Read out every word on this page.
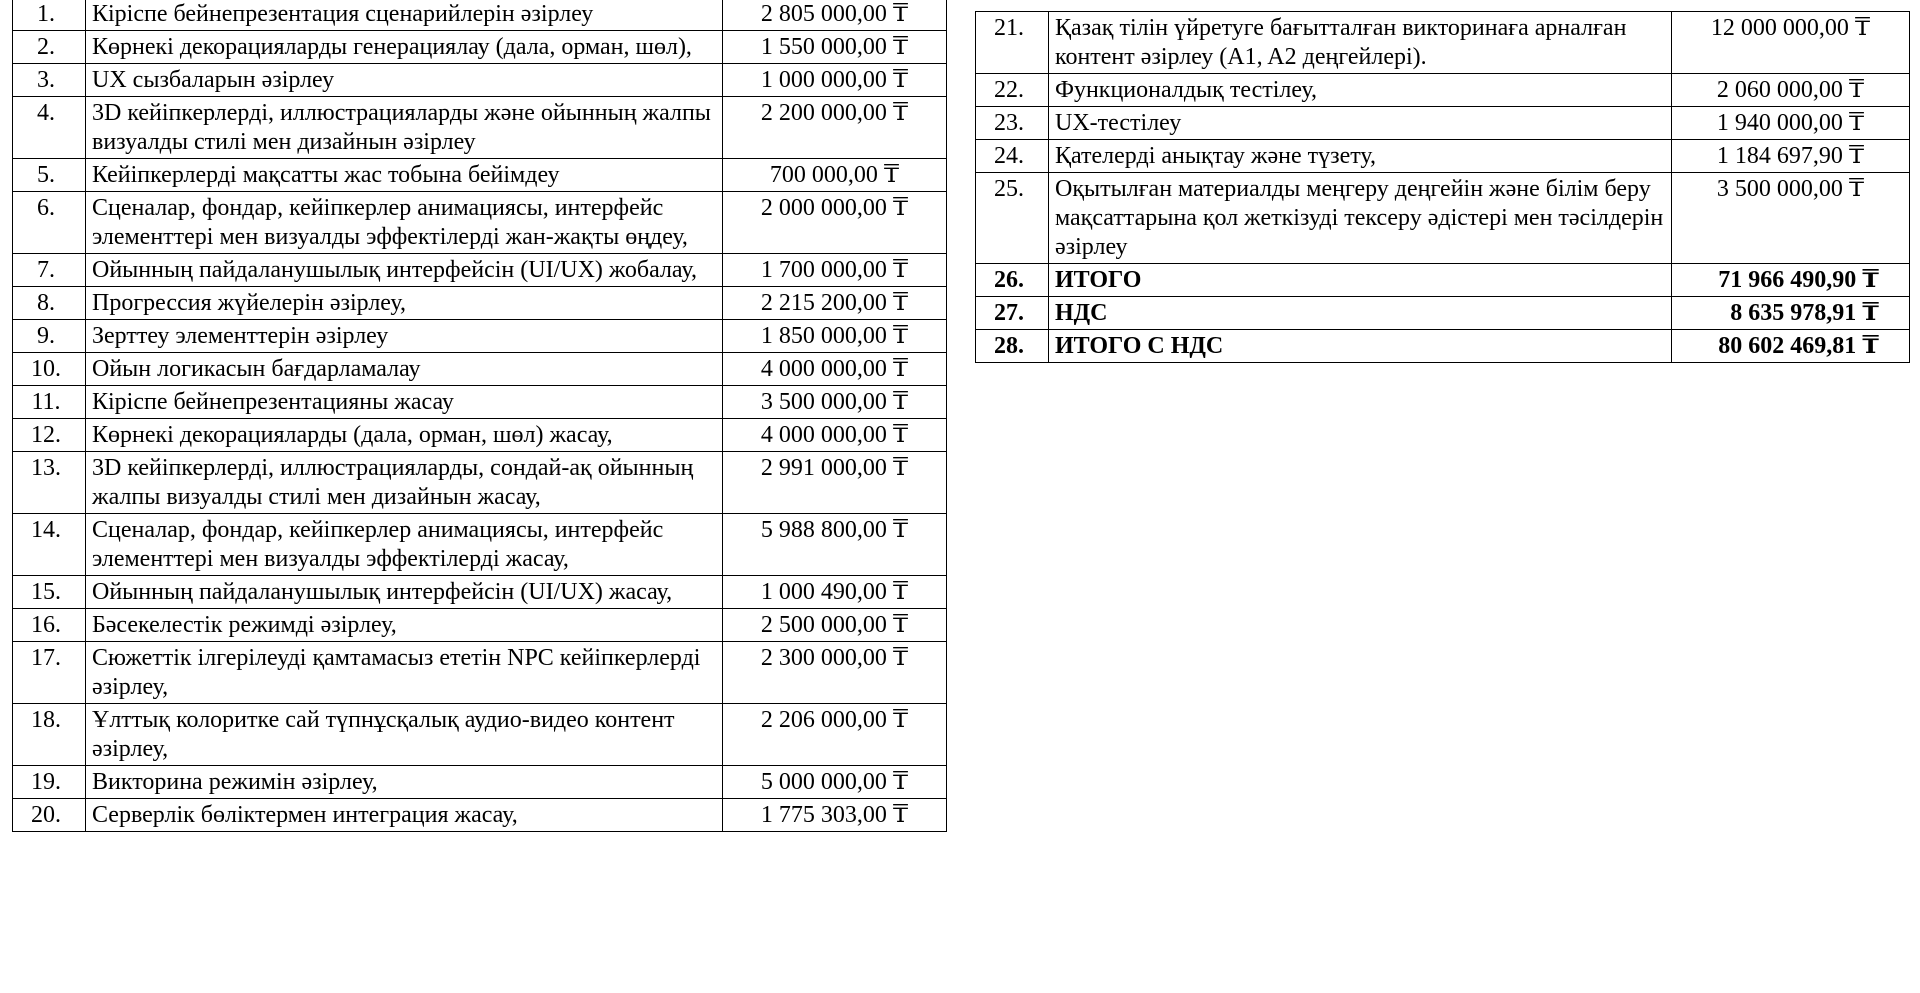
1.	Кіріспе бейнепрезентация сценарийлерін әзірлеу	2 805 000,00 ₸
2.	Көрнекі декорацияларды генерациялау (дала, орман, шөл),	1 550 000,00 ₸
3.	UX сызбаларын әзірлеу	1 000 000,00 ₸
4.	3D кейіпкерлерді, иллюстрацияларды және ойынның жалпы визуалды стилі мен дизайнын әзірлеу	2 200 000,00 ₸
5.	Кейіпкерлерді мақсатты жас тобына бейімдеу	700 000,00 ₸
6.	Сценалар, фондар, кейіпкерлер анимациясы, интерфейс элементтері мен визуалды эффектілерді жан-жақты өңдеу,	2 000 000,00 ₸
7.	Ойынның пайдаланушылық интерфейсін (UI/UX) жобалау,	1 700 000,00 ₸
8.	Прогрессия жүйелерін әзірлеу,	2 215 200,00 ₸
9.	Зерттеу элементтерін әзірлеу	1 850 000,00 ₸
10.	Ойын логикасын бағдарламалау	4 000 000,00 ₸
11.	Кіріспе бейнепрезентацияны жасау	3 500 000,00 ₸
12.	Көрнекі декорацияларды (дала, орман, шөл) жасау,	4 000 000,00 ₸
13.	3D кейіпкерлерді, иллюстрацияларды, сондай-ақ ойынның жалпы визуалды стилі мен дизайнын жасау,	2 991 000,00 ₸
14.	Сценалар, фондар, кейіпкерлер анимациясы, интерфейс элементтері мен визуалды эффектілерді жасау,	5 988 800,00 ₸
15.	Ойынның пайдаланушылық интерфейсін (UI/UX) жасау,	1 000 490,00 ₸
16.	Бәсекелестік режимді әзірлеу,	2 500 000,00 ₸
17.	Сюжеттік ілгерілеуді қамтамасыз ететін NPC кейіпкерлерді әзірлеу,	2 300 000,00 ₸
18.	Ұлттық колоритке сай түпнұсқалық аудио-видео контент әзірлеу,	2 206 000,00 ₸
19.	Викторина режимін әзірлеу,	5 000 000,00 ₸
20.	Серверлік бөліктермен интеграция жасау,	1 775 303,00 ₸
21.	Қазақ тілін үйретуге бағытталған викторинаға арналған контент әзірлеу (A1, A2 деңгейлері).	12 000 000,00 ₸
22.	Функционалдық тестілеу,	2 060 000,00 ₸
23.	UX-тестілеу	1 940 000,00 ₸
24.	Қателерді анықтау және түзету,	1 184 697,90 ₸
25.	Оқытылған материалды меңгеру деңгейін және білім беру мақсаттарына қол жеткізуді тексеру әдістері мен тәсілдерін әзірлеу	3 500 000,00 ₸
26.	ИТОГО	71 966 490,90 ₸
27.	НДС	8 635 978,91 ₸
28.	ИТОГО С НДС	80 602 469,81 ₸
